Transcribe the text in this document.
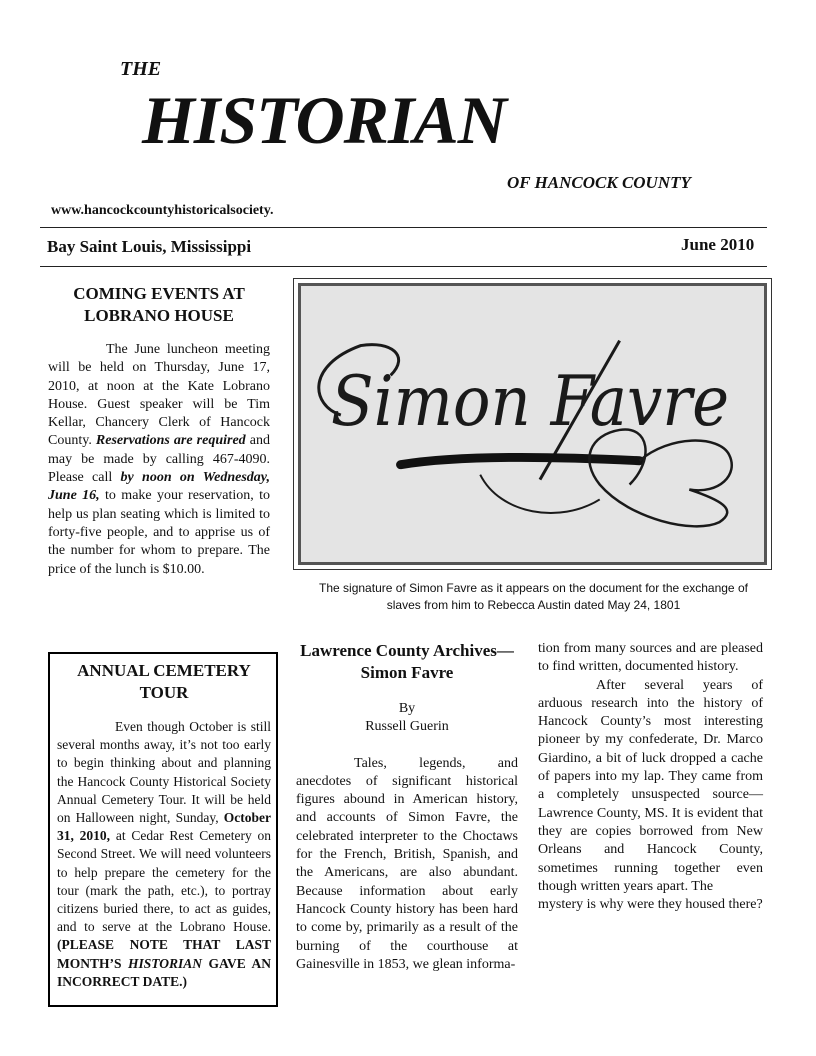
THE
HISTORIAN
OF HANCOCK COUNTY
www.hancockcountyhistoricalsociety.
Bay Saint Louis, Mississippi	June 2010
COMING EVENTS AT LOBRANO HOUSE

The June luncheon meeting will be held on Thursday, June 17, 2010, at noon at the Kate Lobrano House. Guest speaker will be Tim Kellar, Chancery Clerk of Hancock County. Reservations are required and may be made by calling 467-4090. Please call by noon on Wednesday, June 16, to make your reservation, to help us plan seating which is limited to forty-five people, and to apprise us of the number for whom to prepare. The price of the lunch is $10.00.

ANNUAL CEMETERY TOUR

Even though October is still several months away, it’s not too early to begin thinking about and planning the Hancock County Historical Society Annual Cemetery Tour. It will be held on Halloween night, Sunday, October 31, 2010, at Cedar Rest Cemetery on Second Street. We will need volunteers to help prepare the cemetery for the tour (mark the path, etc.), to portray citizens buried there, to act as guides, and to serve at the Lobrano House. (PLEASE NOTE THAT LAST MONTH’S HISTORIAN GAVE AN INCORRECT DATE.)

Simon Favre
The signature of Simon Favre as it appears on the document for the exchange of slaves from him to Rebecca Austin dated May 24, 1801
Lawrence County Archives—Simon Favre
By
Russell Guerin

Tales, legends, and anecdotes of significant historical figures abound in American history, and accounts of Simon Favre, the celebrated interpreter to the Choctaws for the French, British, Spanish, and the Americans, are also abundant. Because information about early Hancock County history has been hard to come by, primarily as a result of the burning of the courthouse at Gainesville in 1853, we glean informa-

tion from many sources and are pleased to find written, documented history.

After several years of arduous research into the history of Hancock County’s most interesting pioneer by my confederate, Dr. Marco Giardino, a bit of luck dropped a cache of papers into my lap. They came from a completely unsuspected source—Lawrence County, MS. It is evident that they are copies borrowed from New Orleans and Hancock County, sometimes running together even though written years apart. The

mystery is why were they housed there?
